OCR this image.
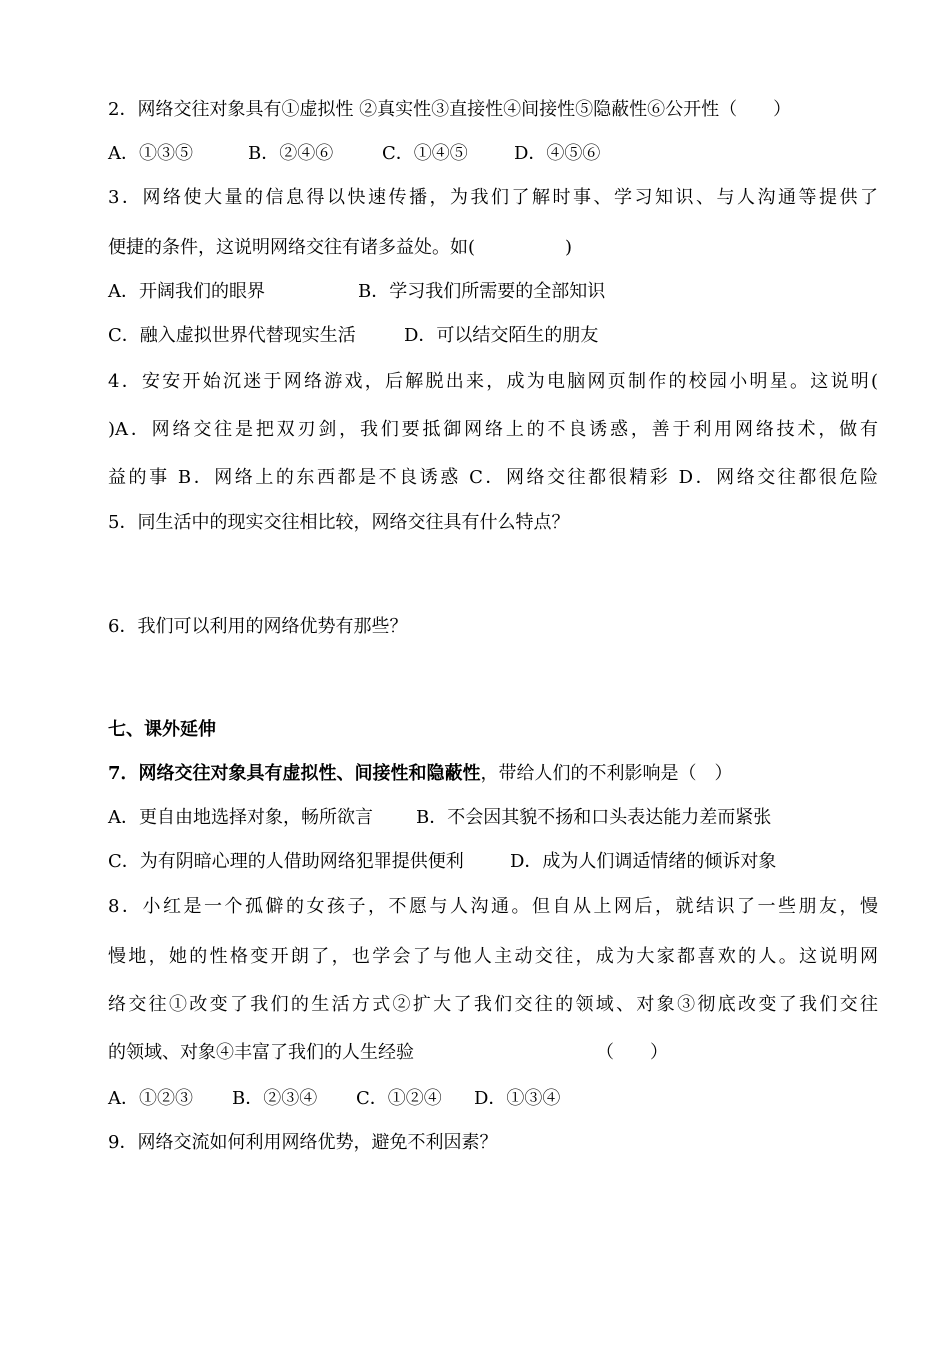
2．网络交往对象具有①虚拟性 ②真实性③直接性④间接性⑤隐蔽性⑥公开性（　　）
A．①③⑤	B．②④⑥	C．①④⑤	D．④⑤⑥
3．网络使大量的信息得以快速传播，为我们了解时事、学习知识、与人沟通等提供了
便捷的条件，这说明网络交往有诸多益处。如(　　　　　)
A．开阔我们的眼界	B．学习我们所需要的全部知识
C．融入虚拟世界代替现实生活	D．可以结交陌生的朋友
4．安安开始沉迷于网络游戏，后解脱出来，成为电脑网页制作的校园小明星。这说明(
)A．网络交往是把双刃剑，我们要抵御网络上的不良诱惑，善于利用网络技术，做有
益的事 B．网络上的东西都是不良诱惑 C．网络交往都很精彩 D．网络交往都很危险
5．同生活中的现实交往相比较，网络交往具有什么特点？
6．我们可以利用的网络优势有那些？
七、课外延伸
7．网络交往对象具有虚拟性、间接性和隐蔽性，带给人们的不利影响是（　）
A．更自由地选择对象，畅所欲言 B．不会因其貌不扬和口头表达能力差而紧张
C．为有阴暗心理的人借助网络犯罪提供便利	D．成为人们调适情绪的倾诉对象
8．小红是一个孤僻的女孩子，不愿与人沟通。但自从上网后，就结识了一些朋友，慢
慢地，她的性格变开朗了，也学会了与他人主动交往，成为大家都喜欢的人。这说明网
络交往①改变了我们的生活方式②扩大了我们交往的领域、对象③彻底改变了我们交往
的领域、对象④丰富了我们的人生经验	（　　）
A．①②③ B．②③④ C．①②④ D．①③④
9．网络交流如何利用网络优势，避免不利因素？
